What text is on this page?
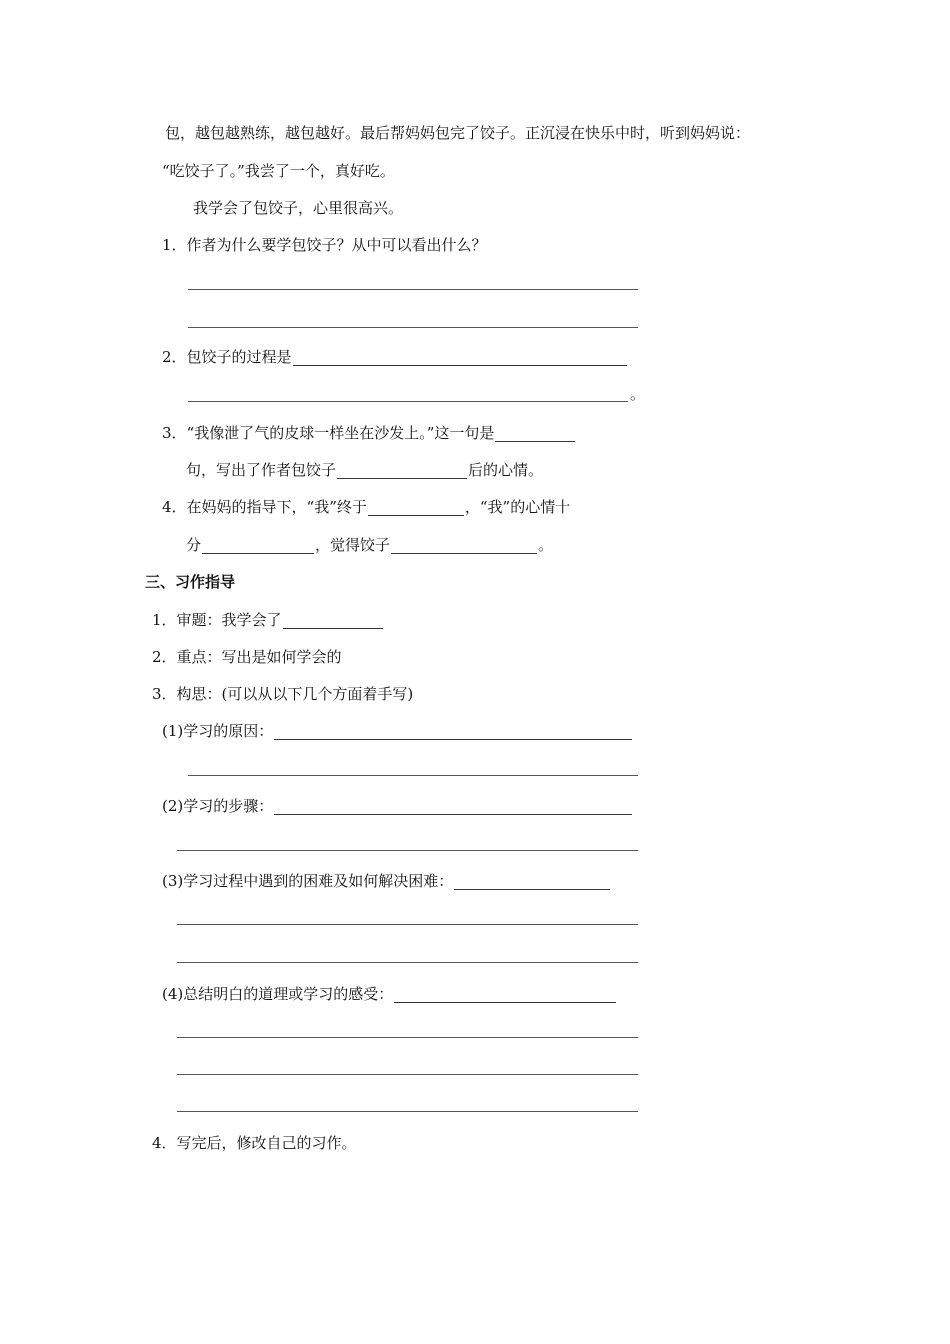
包，越包越熟练，越包越好。最后帮妈妈包完了饺子。正沉浸在快乐中时，听到妈妈说：
“吃饺子了。”我尝了一个，真好吃。
我学会了包饺子，心里很高兴。
1． 作者为什么要学包饺子？从中可以看出什么？
2． 包饺子的过程是
。
3． “我像泄了气的皮球一样坐在沙发上。”这一句是
句，写出了作者包饺子	后的心情。
4． 在妈妈的指导下，“我”终于	，“我”的心情十
分	，觉得饺子	。
三、习作指导
1． 审题：我学会了
2． 重点：写出是如何学会的
3． 构思：(可以从以下几个方面着手写)
(1)学习的原因：
(2)学习的步骤：
(3)学习过程中遇到的困难及如何解决困难：
(4)总结明白的道理或学习的感受：
4． 写完后，修改自己的习作。
